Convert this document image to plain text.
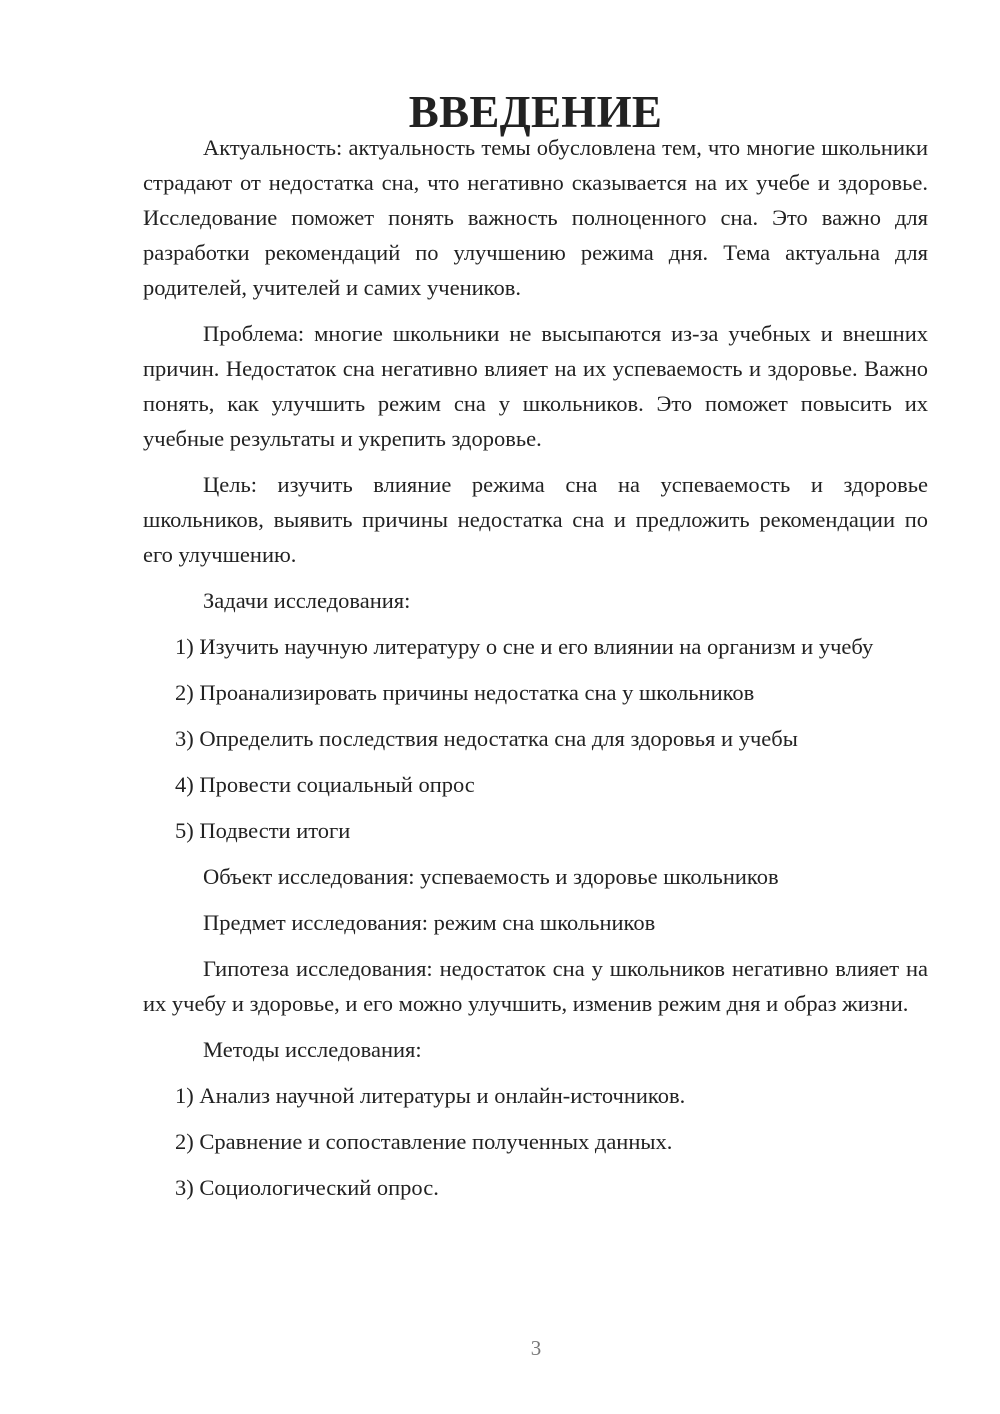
ВВЕДЕНИЕ

Актуальность: актуальность темы обусловлена тем, что многие школьники страдают от недостатка сна, что негативно сказывается на их учебе и здоровье. Исследование поможет понять важность полноценного сна. Это важно для разработки рекомендаций по улучшению режима дня. Тема актуальна для родителей, учителей и самих учеников.

Проблема: многие школьники не высыпаются из-за учебных и внешних причин. Недостаток сна негативно влияет на их успеваемость и здоровье. Важно понять, как улучшить режим сна у школьников. Это поможет повысить их учебные результаты и укрепить здоровье.

Цель: изучить влияние режима сна на успеваемость и здоровье школьников, выявить причины недостатка сна и предложить рекомендации по его улучшению.

Задачи исследования:

1) Изучить научную литературу о сне и его влиянии на организм и учебу

2) Проанализировать причины недостатка сна у школьников

3) Определить последствия недостатка сна для здоровья и учебы

4) Провести социальный опрос

5) Подвести итоги

Объект исследования: успеваемость и здоровье школьников

Предмет исследования: режим сна школьников

Гипотеза исследования: недостаток сна у школьников негативно влияет на их учебу и здоровье, и его можно улучшить, изменив режим дня и образ жизни.

Методы исследования:

1) Анализ научной литературы и онлайн-источников.

2) Сравнение и сопоставление полученных данных.

3) Социологический опрос.

3
